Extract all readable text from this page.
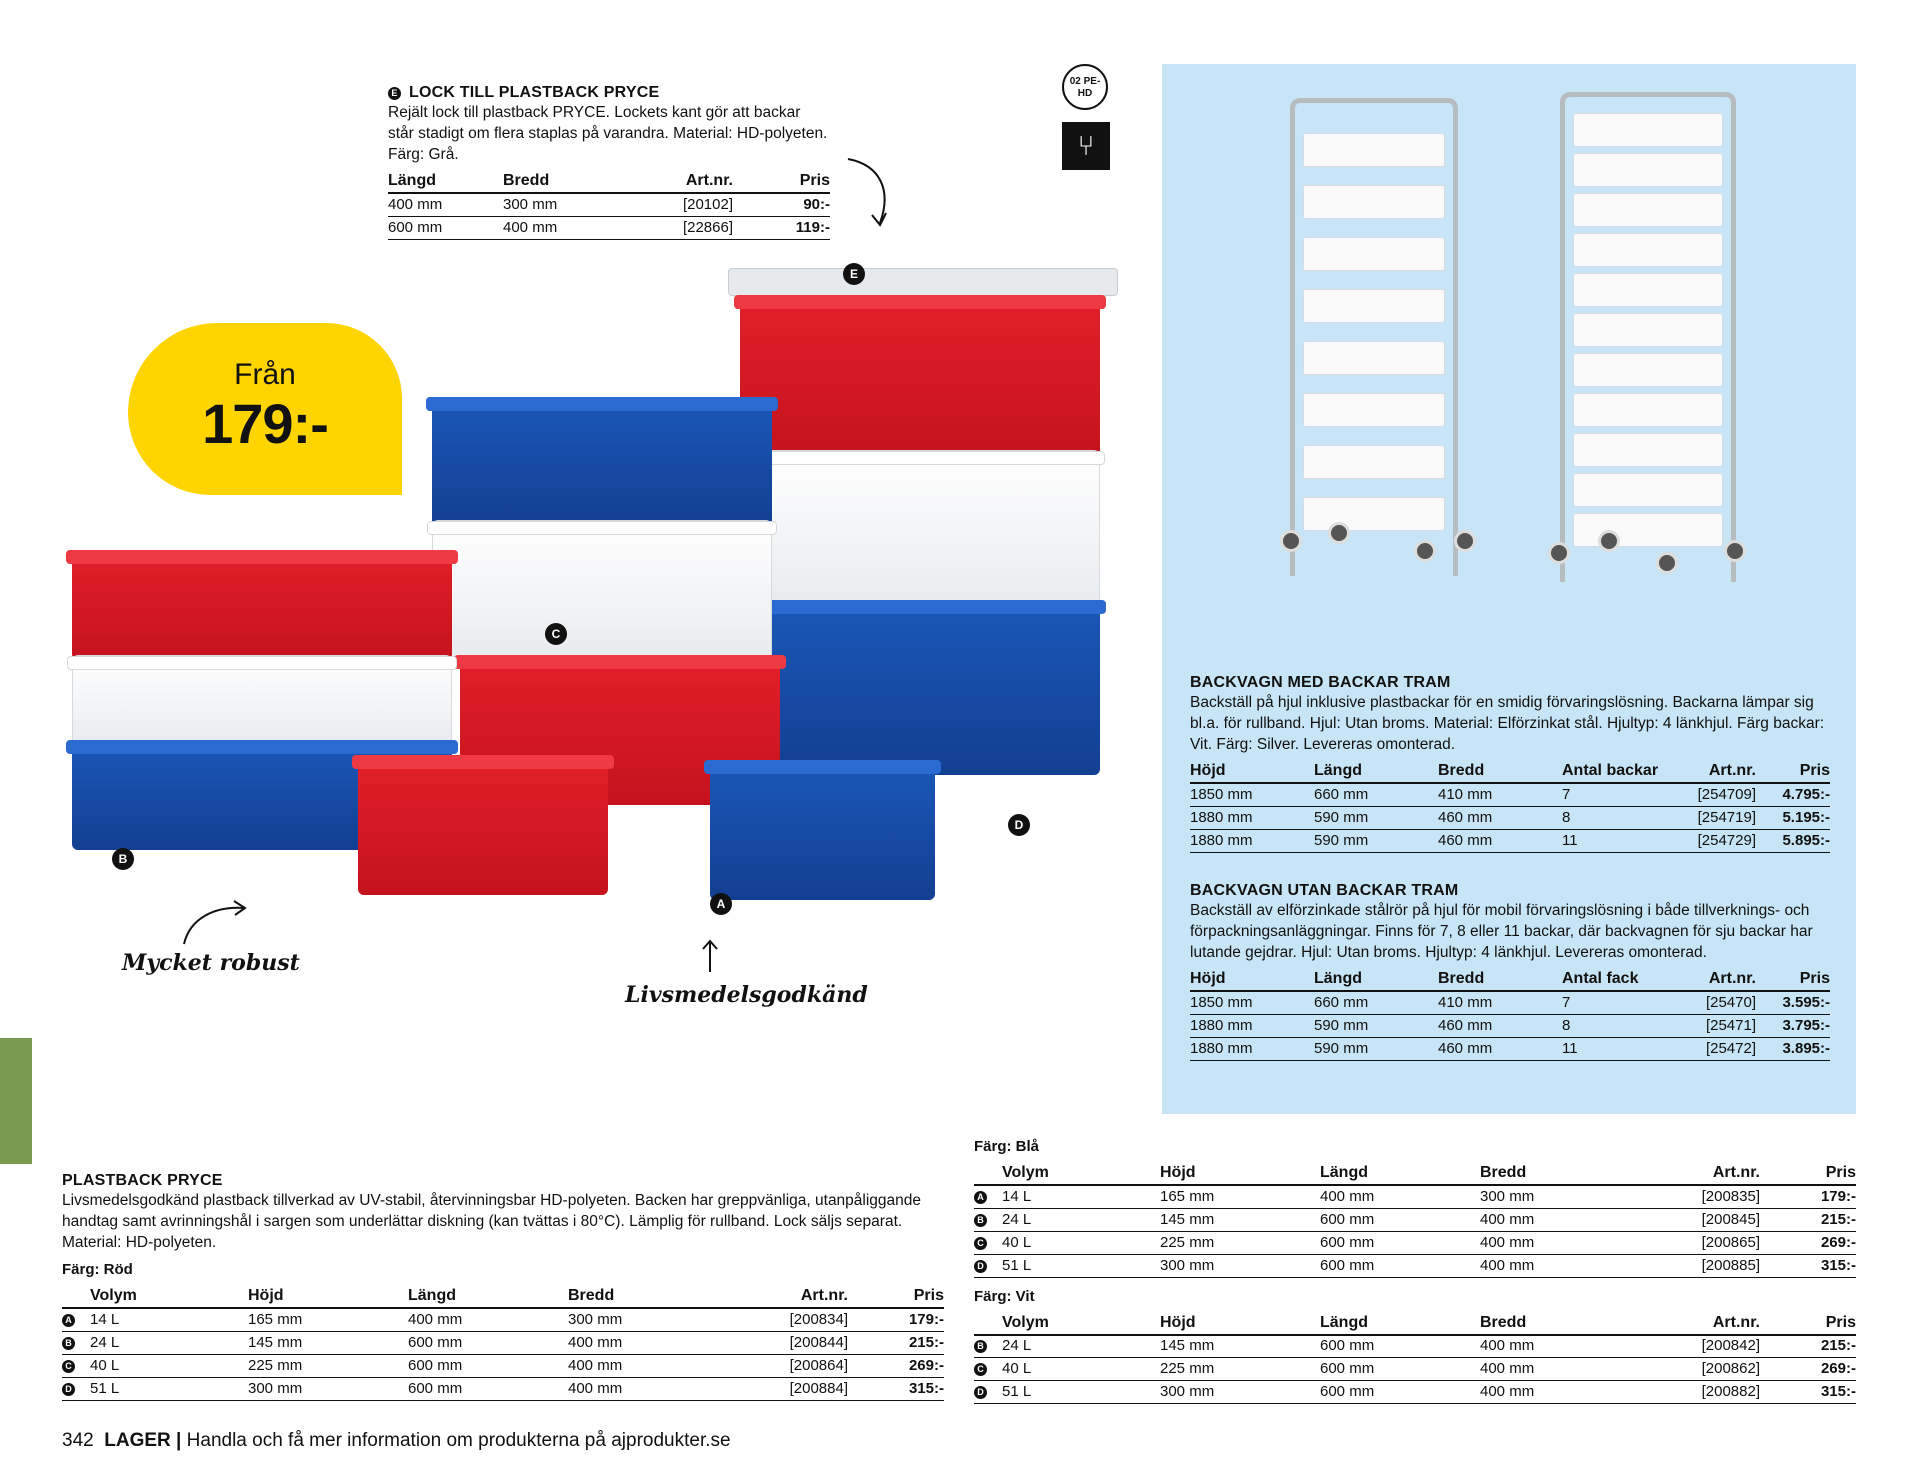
E LOCK TILL PLASTBACK PRYCE
Rejält lock till plastback PRYCE. Lockets kant gör att backar står stadigt om flera staplas på varandra. Material: HD-polyeten. Färg: Grå.
Längd	Bredd	Art.nr.	Pris
400 mm	300 mm	[20102]	90:-
600 mm	400 mm	[22866]	119:-
02 PE-HD
⑂
E
C
D
B
A
Från
179:-
Mycket robust
Livsmedelsgodkänd
BACKVAGN MED BACKAR TRAM
Backställ på hjul inklusive plastbackar för en smidig förvaringslösning. Backarna lämpar sig bl.a. för rullband. Hjul: Utan broms. Material: Elförzinkat stål. Hjultyp: 4 länkhjul. Färg backar: Vit. Färg: Silver. Levereras omonterad.
Höjd	Längd	Bredd	Antal backar	Art.nr.	Pris
1850 mm	660 mm	410 mm	7	[254709]	4.795:-
1880 mm	590 mm	460 mm	8	[254719]	5.195:-
1880 mm	590 mm	460 mm	11	[254729]	5.895:-
BACKVAGN UTAN BACKAR TRAM
Backställ av elförzinkade stålrör på hjul för mobil förvaringslösning i både tillverknings- och förpackningsanläggningar. Finns för 7, 8 eller 11 backar, där backvagnen för sju backar har lutande gejdrar. Hjul: Utan broms. Hjultyp: 4 länkhjul. Levereras omonterad.
Höjd	Längd	Bredd	Antal fack	Art.nr.	Pris
1850 mm	660 mm	410 mm	7	[25470]	3.595:-
1880 mm	590 mm	460 mm	8	[25471]	3.795:-
1880 mm	590 mm	460 mm	11	[25472]	3.895:-
PLASTBACK PRYCE
Livsmedelsgodkänd plastback tillverkad av UV-stabil, återvinningsbar HD-polyeten. Backen har greppvänliga, utanpåliggande handtag samt avrinningshål i sargen som underlättar diskning (kan tvättas i 80°C). Lämplig för rullband. Lock säljs separat. Material: HD-polyeten.
Färg: Röd
	Volym	Höjd	Längd	Bredd	Art.nr.	Pris
A	14 L	165 mm	400 mm	300 mm	[200834]	179:-
B	24 L	145 mm	600 mm	400 mm	[200844]	215:-
C	40 L	225 mm	600 mm	400 mm	[200864]	269:-
D	51 L	300 mm	600 mm	400 mm	[200884]	315:-
Färg: Blå
	Volym	Höjd	Längd	Bredd	Art.nr.	Pris
A	14 L	165 mm	400 mm	300 mm	[200835]	179:-
B	24 L	145 mm	600 mm	400 mm	[200845]	215:-
C	40 L	225 mm	600 mm	400 mm	[200865]	269:-
D	51 L	300 mm	600 mm	400 mm	[200885]	315:-
Färg: Vit
	Volym	Höjd	Längd	Bredd	Art.nr.	Pris
B	24 L	145 mm	600 mm	400 mm	[200842]	215:-
C	40 L	225 mm	600 mm	400 mm	[200862]	269:-
D	51 L	300 mm	600 mm	400 mm	[200882]	315:-
342 LAGER | Handla och få mer information om produkterna på ajprodukter.se
